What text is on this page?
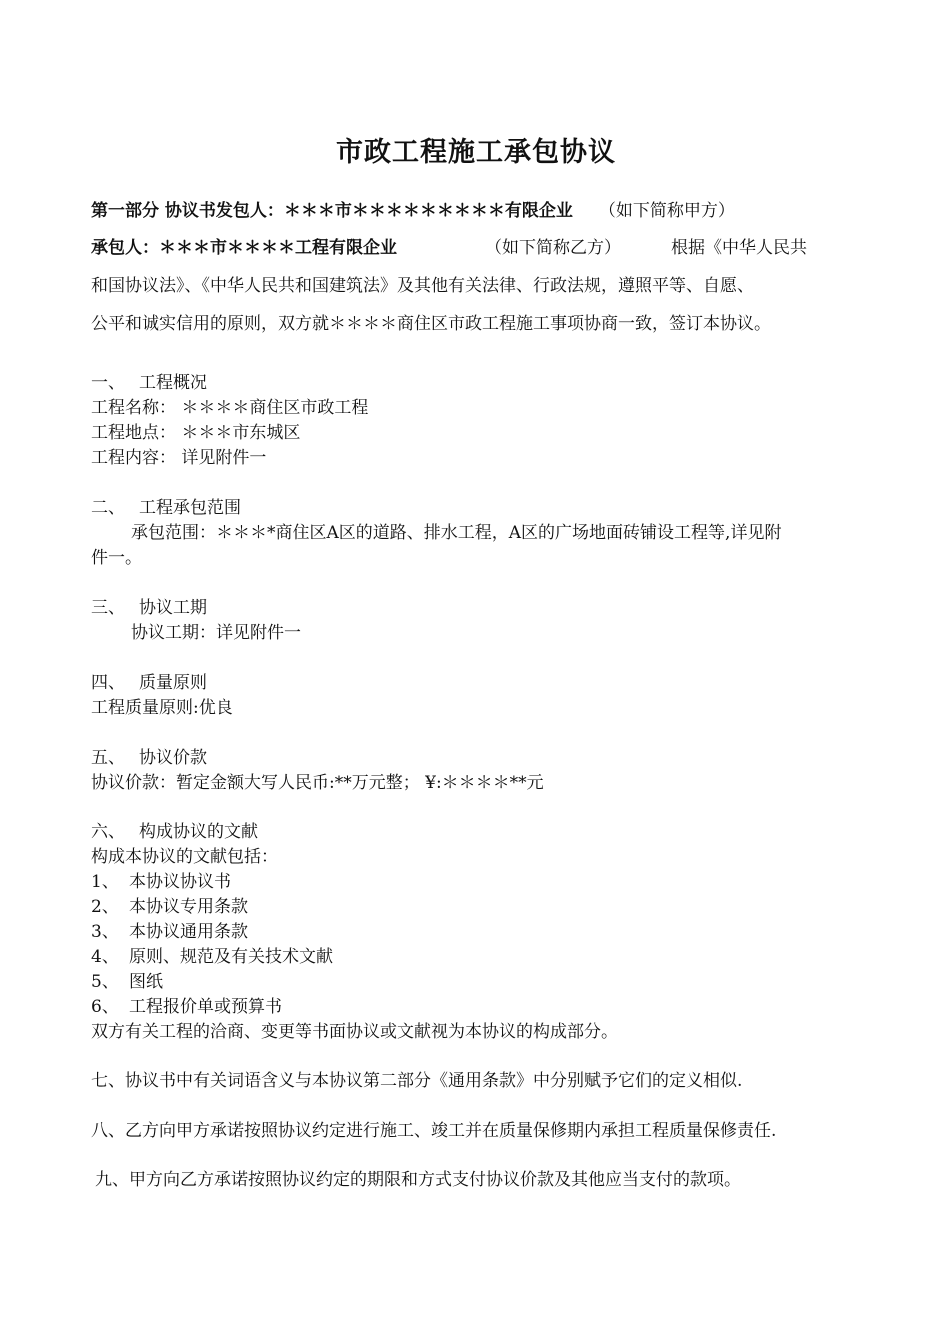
市政工程施工承包协议
第一部分 协议书发包人：＊＊＊市＊＊＊＊＊＊＊＊＊有限企业 （如下简称甲方）
承包人：＊＊＊市＊＊＊＊工程有限企业	（如下简称乙方）	根据《中华人民共
和国协议法》、《中华人民共和国建筑法》及其他有关法律、行政法规，遵照平等、自愿、
公平和诚实信用的原则，双方就＊＊＊＊商住区市政工程施工事项协商一致，签订本协议。
一、 工程概况
工程名称： ＊＊＊＊商住区市政工程
工程地点： ＊＊＊市东城区
工程内容： 详见附件一
二、 工程承包范围
承包范围：＊＊＊*商住区A区的道路、排水工程，A区的广场地面砖铺设工程等,详见附
件一。
三、 协议工期
协议工期：详见附件一
四、 质量原则
工程质量原则:优良
五、 协议价款
协议价款：暂定金额大写人民币:**万元整； ¥:＊＊＊＊**元
六、 构成协议的文献
构成本协议的文献包括：
1、 本协议协议书
2、 本协议专用条款
3、 本协议通用条款
4、 原则、规范及有关技术文献
5、 图纸
6、 工程报价单或预算书
双方有关工程的洽商、变更等书面协议或文献视为本协议的构成部分。
七、协议书中有关词语含义与本协议第二部分《通用条款》中分别赋予它们的定义相似.
八、乙方向甲方承诺按照协议约定进行施工、竣工并在质量保修期内承担工程质量保修责任.
九、甲方向乙方承诺按照协议约定的期限和方式支付协议价款及其他应当支付的款项。
